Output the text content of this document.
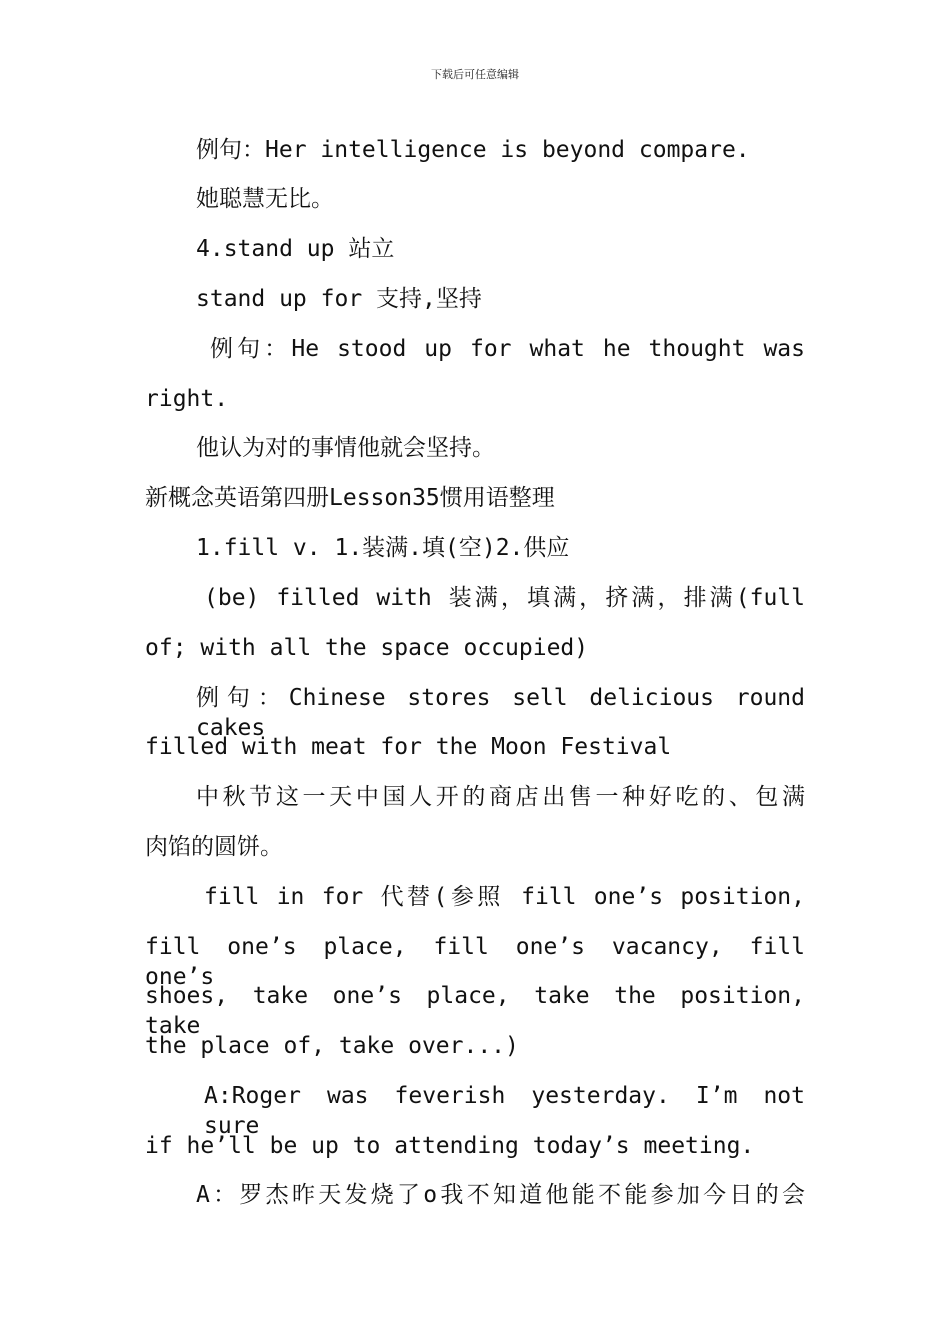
下载后可任意编辑
例句：Her intelligence is beyond compare.
她聪慧无比。
4.stand up 站立
stand up for 支持,坚持
例句：He stood up for what he thought was
right.
他认为对的事情他就会坚持。
新概念英语第四册Lesson35惯用语整理
1.fill v. 1.装满.填(空)2.供应
(be) filled with 装满，填满，挤满，排满(full
of; with all the space occupied)
例句：Chinese stores sell delicious round cakes
filled with meat for the Moon Festival
中秋节这一天中国人开的商店出售一种好吃的、包满
肉馅的圆饼。
fill in for 代替(参照 fill one’s position,
fill one’s place, fill one’s vacancy, fill one’s
shoes, take one’s place, take the position, take
the place of, take over...)
A:Roger was feverish yesterday. I’m not sure
if he’ll be up to attending today’s meeting.
A：罗杰昨天发烧了o我不知道他能不能参加今日的会
